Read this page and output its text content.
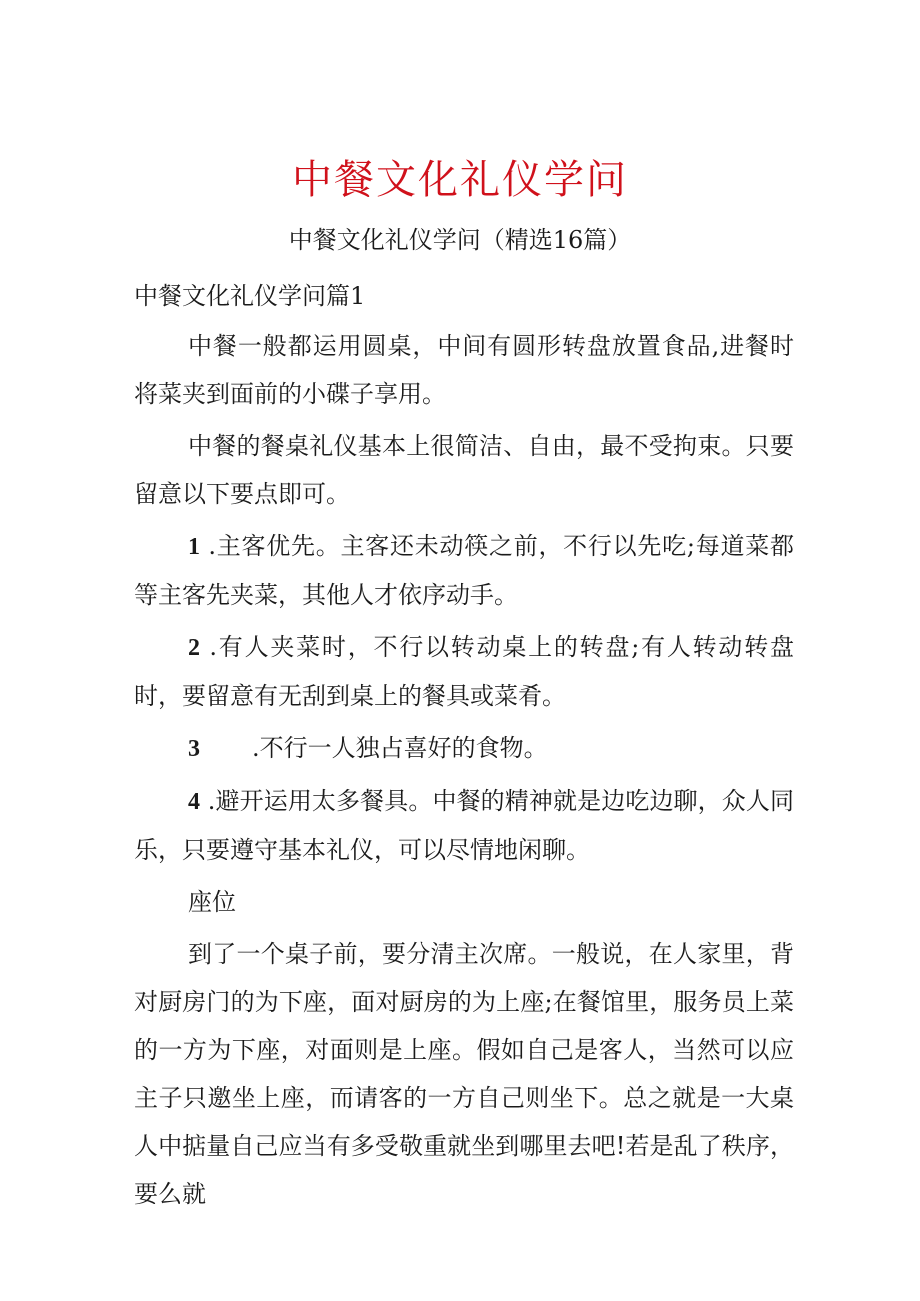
中餐文化礼仪学问
中餐文化礼仪学问（精选16篇）
中餐文化礼仪学问篇1

中餐一般都运用圆桌，中间有圆形转盘放置食品,进餐时将菜夹到面前的小碟子享用。

中餐的餐桌礼仪基本上很简洁、自由，最不受拘束。只要留意以下要点即可。

1 .主客优先。主客还未动筷之前，不行以先吃;每道菜都等主客先夹菜，其他人才依序动手。

2 .有人夹菜时，不行以转动桌上的转盘;有人转动转盘时，要留意有无刮到桌上的餐具或菜肴。

3 .不行一人独占喜好的食物。

4 .避开运用太多餐具。中餐的精神就是边吃边聊，众人同乐，只要遵守基本礼仪，可以尽情地闲聊。

座位

到了一个桌子前，要分清主次席。一般说，在人家里，背对厨房门的为下座，面对厨房的为上座;在餐馆里，服务员上菜的一方为下座，对面则是上座。假如自己是客人，当然可以应主子只邀坐上座，而请客的一方自己则坐下。总之就是一大桌人中掂量自己应当有多受敬重就坐到哪里去吧!若是乱了秩序，要么就
